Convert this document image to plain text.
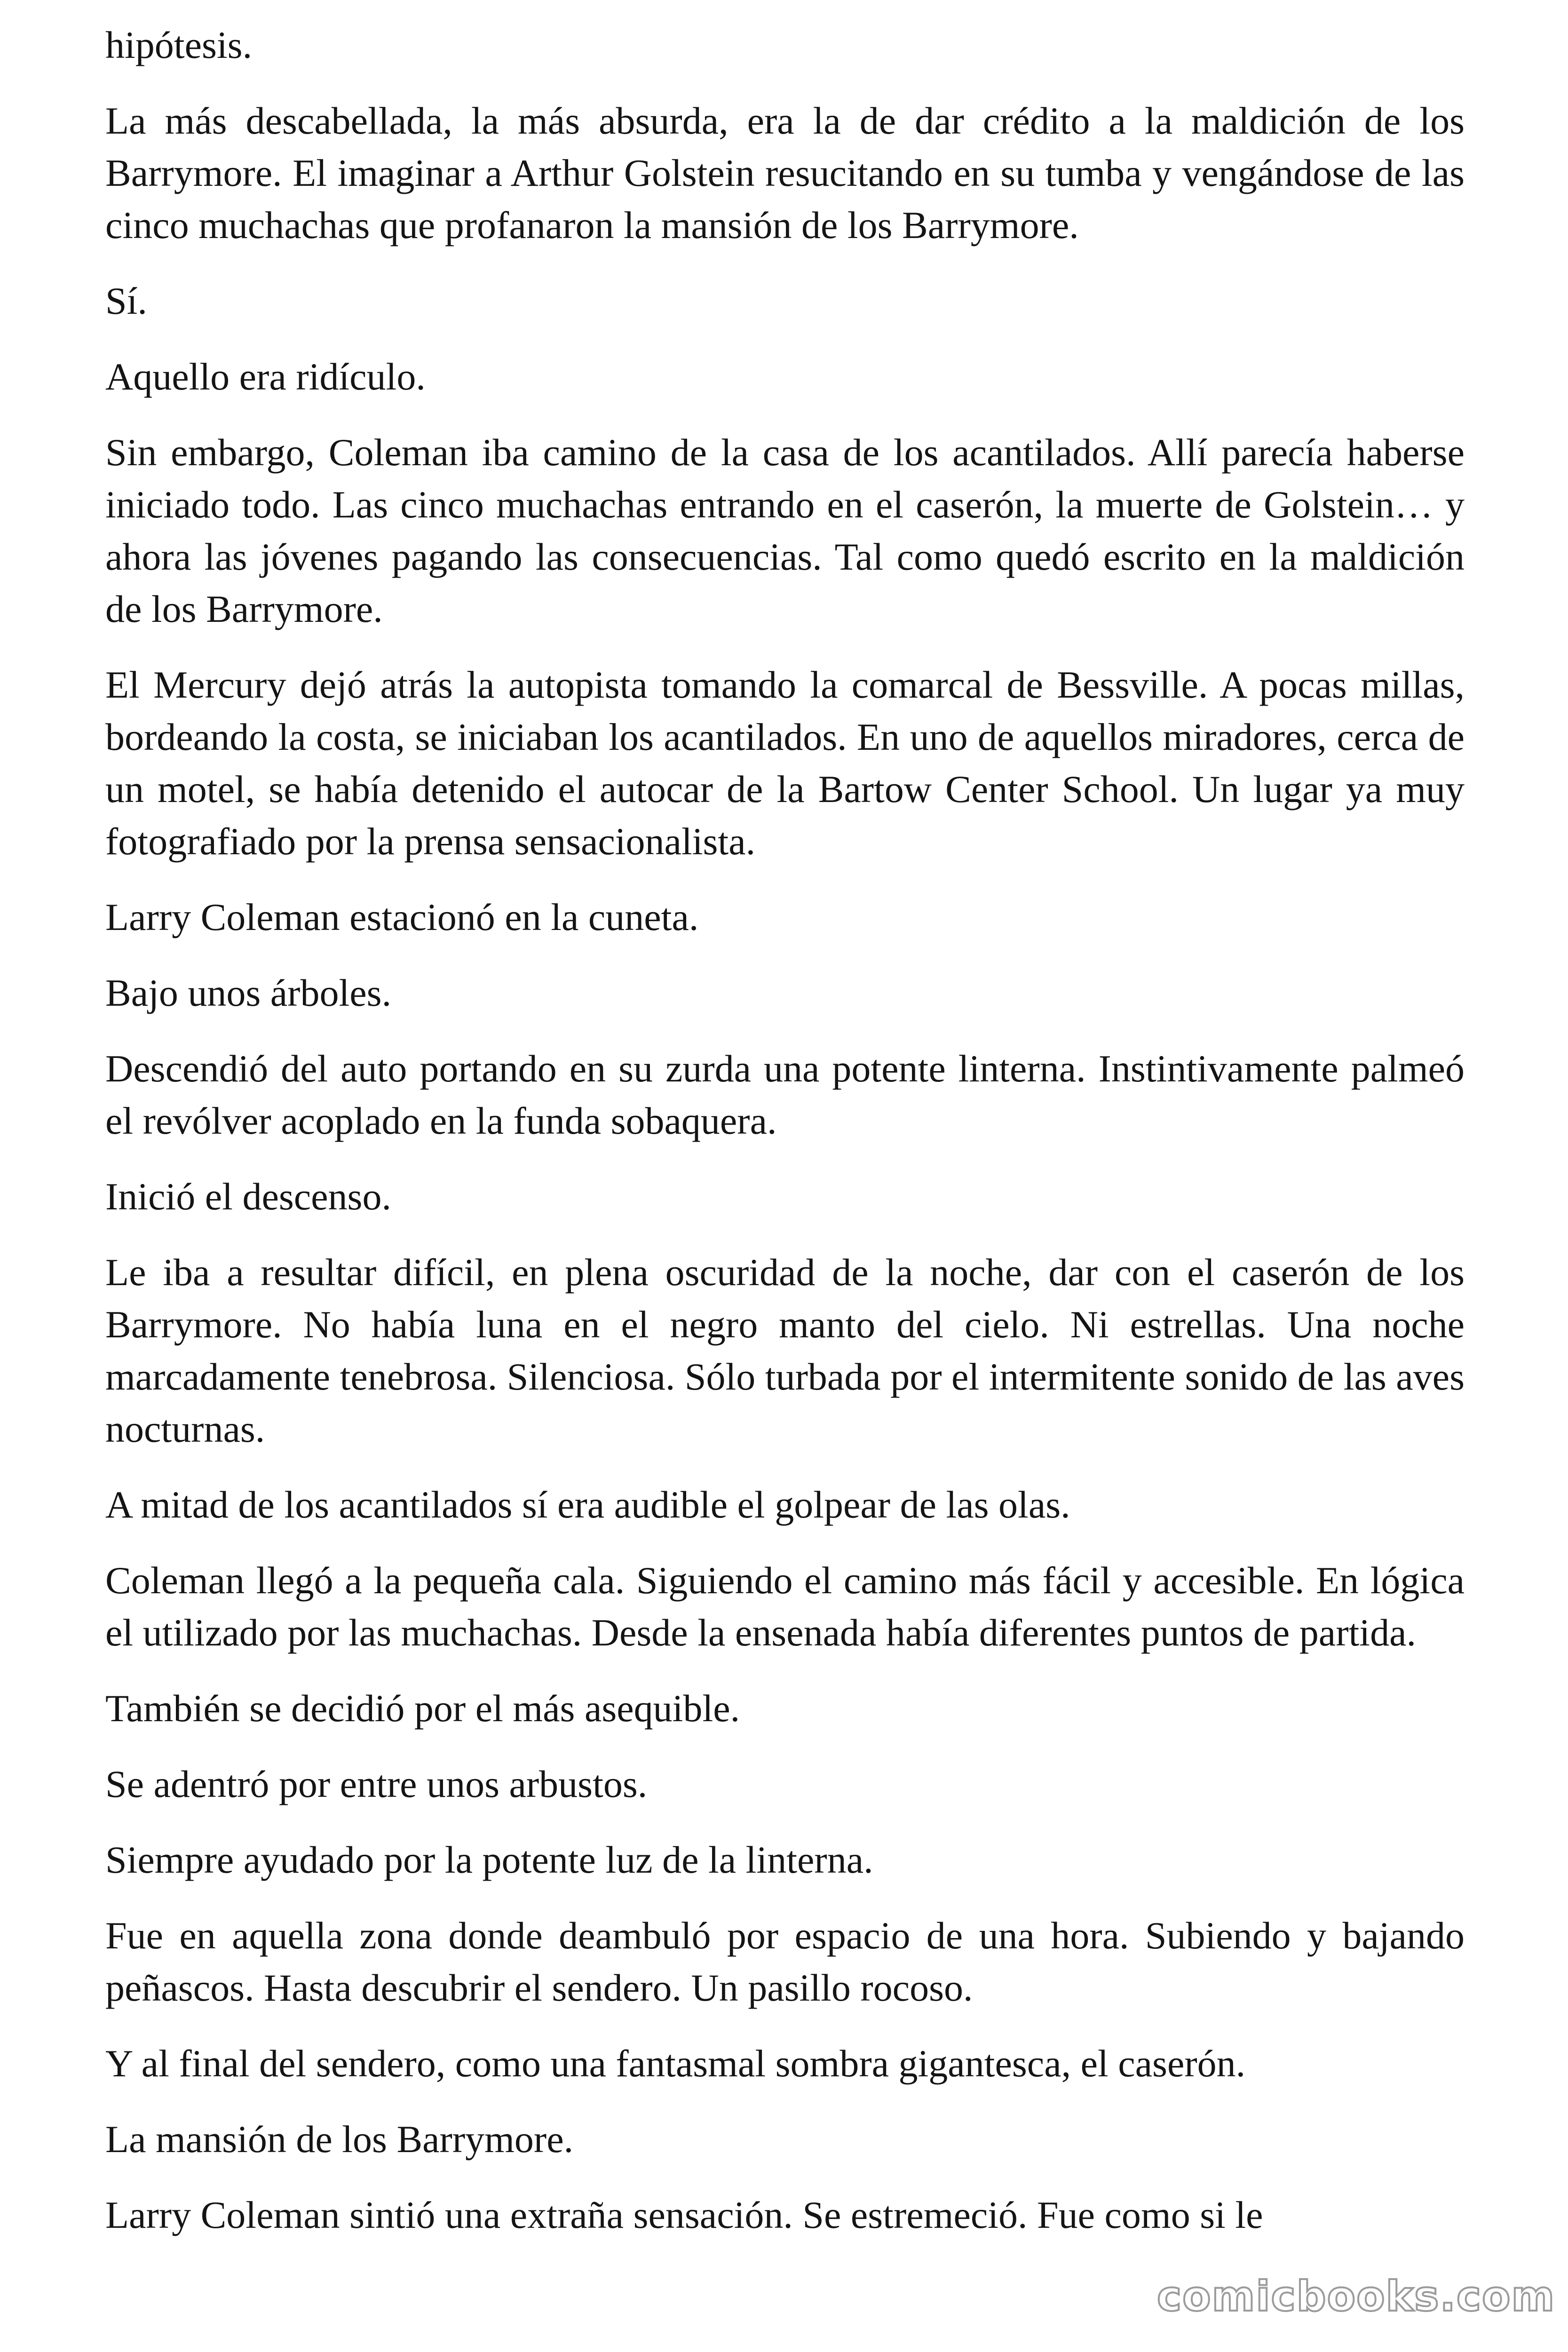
hipótesis.

La más descabellada, la más absurda, era la de dar crédito a la maldición de los Barrymore. El imaginar a Arthur Golstein resucitando en su tumba y vengándose de las cinco muchachas que profanaron la mansión de los Barrymore.

Sí.

Aquello era ridículo.

Sin embargo, Coleman iba camino de la casa de los acantilados. Allí parecía haberse iniciado todo. Las cinco muchachas entrando en el caserón, la muerte de Golstein… y ahora las jóvenes pagando las consecuencias. Tal como quedó escrito en la maldición de los Barrymore.

El Mercury dejó atrás la autopista tomando la comarcal de Bessville. A pocas millas, bordeando la costa, se iniciaban los acantilados. En uno de aquellos miradores, cerca de un motel, se había detenido el autocar de la Bartow Center School. Un lugar ya muy fotografiado por la prensa sensacionalista.

Larry Coleman estacionó en la cuneta.

Bajo unos árboles.

Descendió del auto portando en su zurda una potente linterna. Instintivamente palmeó el revólver acoplado en la funda sobaquera.

Inició el descenso.

Le iba a resultar difícil, en plena oscuridad de la noche, dar con el caserón de los Barrymore. No había luna en el negro manto del cielo. Ni estrellas. Una noche marcadamente tenebrosa. Silenciosa. Sólo turbada por el intermitente sonido de las aves nocturnas.

A mitad de los acantilados sí era audible el golpear de las olas.

Coleman llegó a la pequeña cala. Siguiendo el camino más fácil y accesible. En lógica el utilizado por las muchachas. Desde la ensenada había diferentes puntos de partida.

También se decidió por el más asequible.

Se adentró por entre unos arbustos.

Siempre ayudado por la potente luz de la linterna.

Fue en aquella zona donde deambuló por espacio de una hora. Subiendo y bajando peñascos. Hasta descubrir el sendero. Un pasillo rocoso.

Y al final del sendero, como una fantasmal sombra gigantesca, el caserón.

La mansión de los Barrymore.

Larry Coleman sintió una extraña sensación. Se estremeció. Fue como si le

comicbooks.com
